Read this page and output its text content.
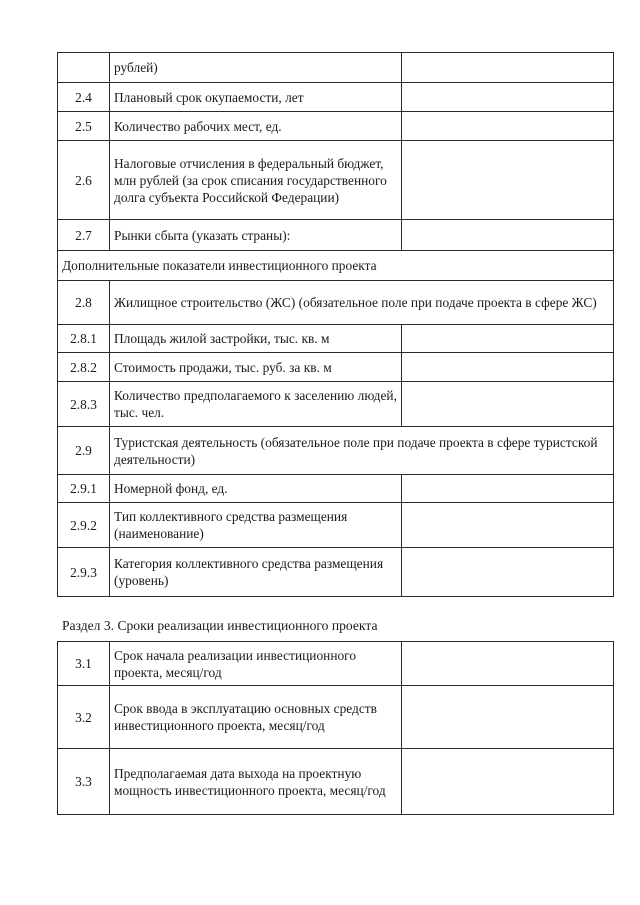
	рублей)	
2.4	Плановый срок окупаемости, лет	
2.5	Количество рабочих мест, ед.	
2.6	Налоговые отчисления в федеральный бюджет, млн рублей (за срок списания государственного долга субъекта Российской Федерации)	
2.7	Рынки сбыта (указать страны):	
Дополнительные показатели инвестиционного проекта		
2.8	Жилищное строительство (ЖС) (обязательное поле при подаче проекта в сфере ЖС)	
2.8.1	Площадь жилой застройки, тыс. кв. м	
2.8.2	Стоимость продажи, тыс. руб. за кв. м	
2.8.3	Количество предполагаемого к заселению людей, тыс. чел.	
2.9	Туристская деятельность (обязательное поле при подаче проекта в сфере туристской деятельности)	
2.9.1	Номерной фонд, ед.	
2.9.2	Тип коллективного средства размещения (наименование)	
2.9.3	Категория коллективного средства размещения (уровень)	
Раздел 3. Сроки реализации инвестиционного проекта
3.1	Срок начала реализации инвестиционного проекта, месяц/год	
3.2	Срок ввода в эксплуатацию основных средств инвестиционного проекта, месяц/год	
3.3	Предполагаемая дата выхода на проектную мощность инвестиционного проекта, месяц/год	
